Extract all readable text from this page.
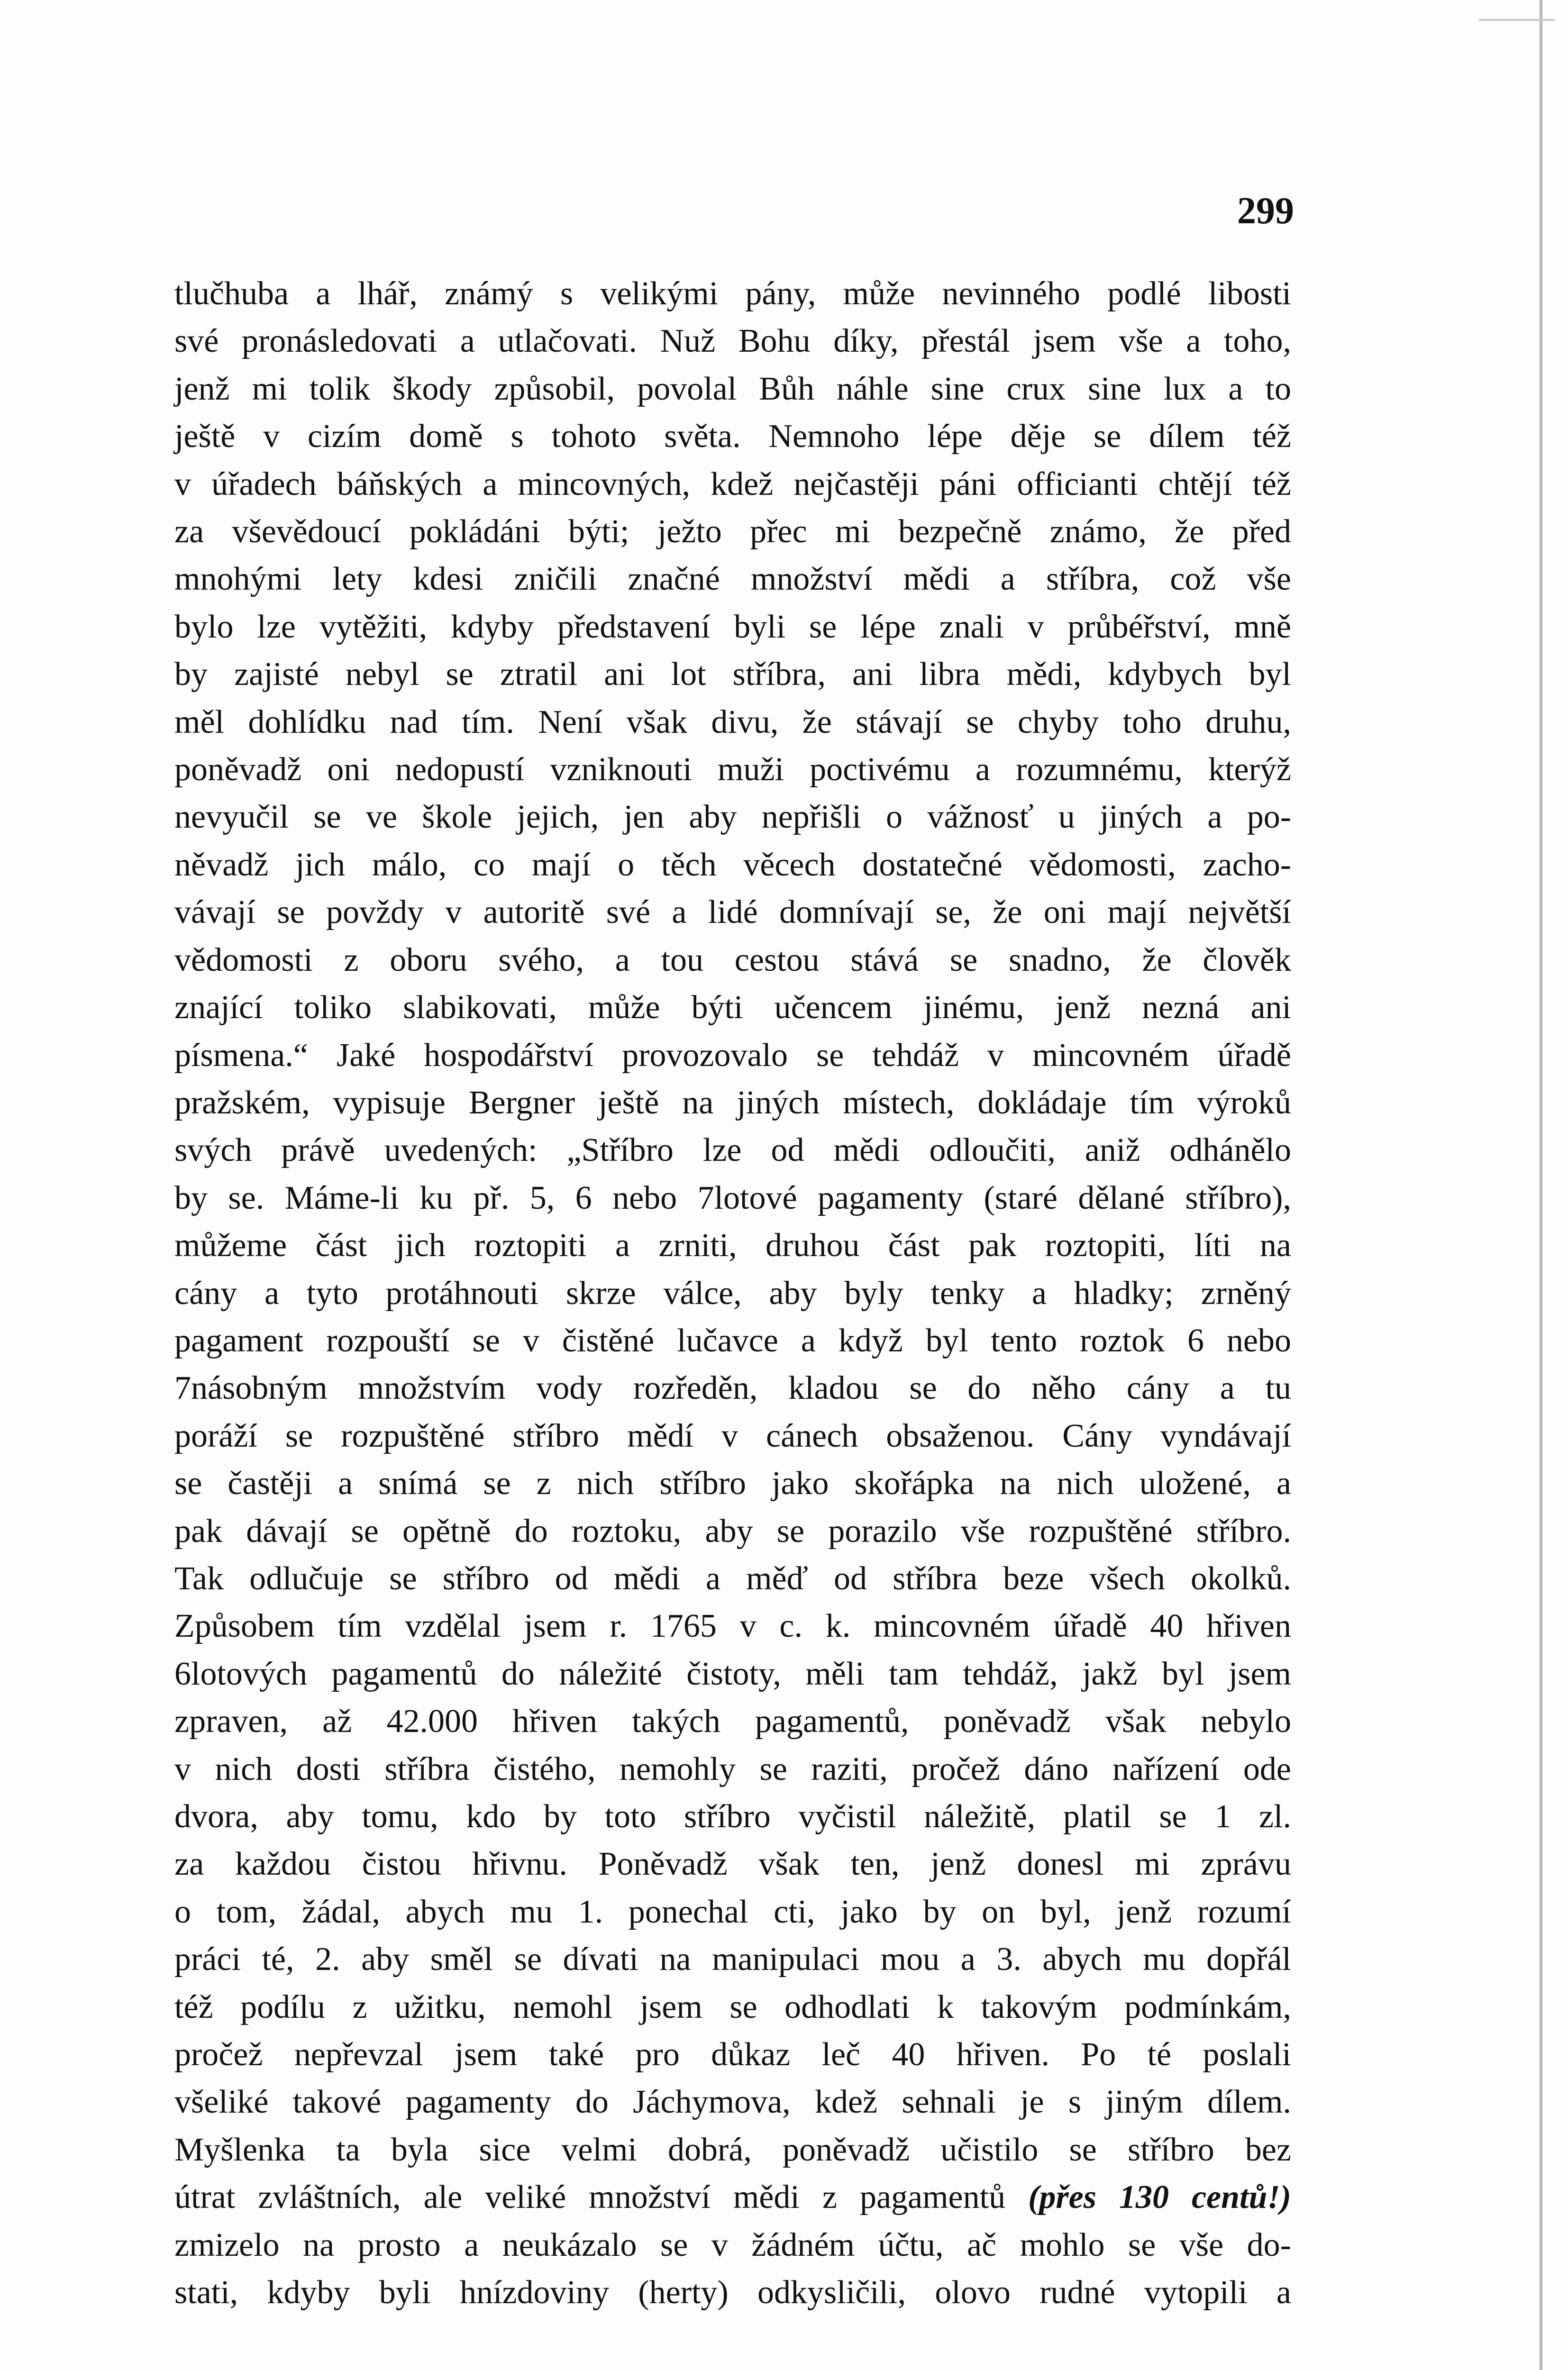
299
tlučhuba a lhář, známý s velikými pány, může nevinného podlé libosti
své pronásledovati a utlačovati. Nuž Bohu díky, přestál jsem vše a toho,
jenž mi tolik škody způsobil, povolal Bůh náhle sine crux sine lux a to
ještě v cizím domě s tohoto světa. Nemnoho lépe děje se dílem též
v úřadech báňských a mincovných, kdež nejčastěji páni officianti chtějí též
za vševědoucí pokládáni býti; ježto přec mi bezpečně známo, že před
mnohými lety kdesi zničili značné množství mědi a stříbra, což vše
bylo lze vytěžiti, kdyby představení byli se lépe znali v průbéřství, mně
by zajisté nebyl se ztratil ani lot stříbra, ani libra mědi, kdybych byl
měl dohlídku nad tím. Není však divu, že stávají se chyby toho druhu,
poněvadž oni nedopustí vzniknouti muži poctivému a rozumnému, kterýž
nevyučil se ve škole jejich, jen aby nepřišli o vážnosť u jiných a po-
něvadž jich málo, co mají o těch věcech dostatečné vědomosti, zacho-
vávají se povždy v autoritě své a lidé domnívají se, že oni mají největší
vědomosti z oboru svého, a tou cestou stává se snadno, že člověk
znající toliko slabikovati, může býti učencem jinému, jenž nezná ani
písmena.“ Jaké hospodářství provozovalo se tehdáž v mincovném úřadě
pražském, vypisuje Bergner ještě na jiných místech, dokládaje tím výroků
svých právě uvedených: „Stříbro lze od mědi odloučiti, aniž odhánělo
by se. Máme-li ku př. 5, 6 nebo 7lotové pagamenty (staré dělané stříbro),
můžeme část jich roztopiti a zrniti, druhou část pak roztopiti, líti na
cány a tyto protáhnouti skrze válce, aby byly tenky a hladky; zrněný
pagament rozpouští se v čistěné lučavce a když byl tento roztok 6 nebo
7násobným množstvím vody rozředěn, kladou se do něho cány a tu
poráží se rozpuštěné stříbro mědí v cánech obsaženou. Cány vyndávají
se častěji a snímá se z nich stříbro jako skořápka na nich uložené, a
pak dávají se opětně do roztoku, aby se porazilo vše rozpuštěné stříbro.
Tak odlučuje se stříbro od mědi a měď od stříbra beze všech okolků.
Způsobem tím vzdělal jsem r. 1765 v c. k. mincovném úřadě 40 hřiven
6lotových pagamentů do náležité čistoty, měli tam tehdáž, jakž byl jsem
zpraven, až 42.000 hřiven takých pagamentů, poněvadž však nebylo
v nich dosti stříbra čistého, nemohly se raziti, pročež dáno nařízení ode
dvora, aby tomu, kdo by toto stříbro vyčistil náležitě, platil se 1 zl.
za každou čistou hřivnu. Poněvadž však ten, jenž donesl mi zprávu
o tom, žádal, abych mu 1. ponechal cti, jako by on byl, jenž rozumí
práci té, 2. aby směl se dívati na manipulaci mou a 3. abych mu dopřál
též podílu z užitku, nemohl jsem se odhodlati k takovým podmínkám,
pročež nepřevzal jsem také pro důkaz leč 40 hřiven. Po té poslali
všeliké takové pagamenty do Jáchymova, kdež sehnali je s jiným dílem.
Myšlenka ta byla sice velmi dobrá, poněvadž učistilo se stříbro bez
útrat zvláštních, ale veliké množství mědi z pagamentů (přes 130 centů!)
zmizelo na prosto a neukázalo se v žádném účtu, ač mohlo se vše do-
stati, kdyby byli hnízdoviny (herty) odkysličili, olovo rudné vytopili a
